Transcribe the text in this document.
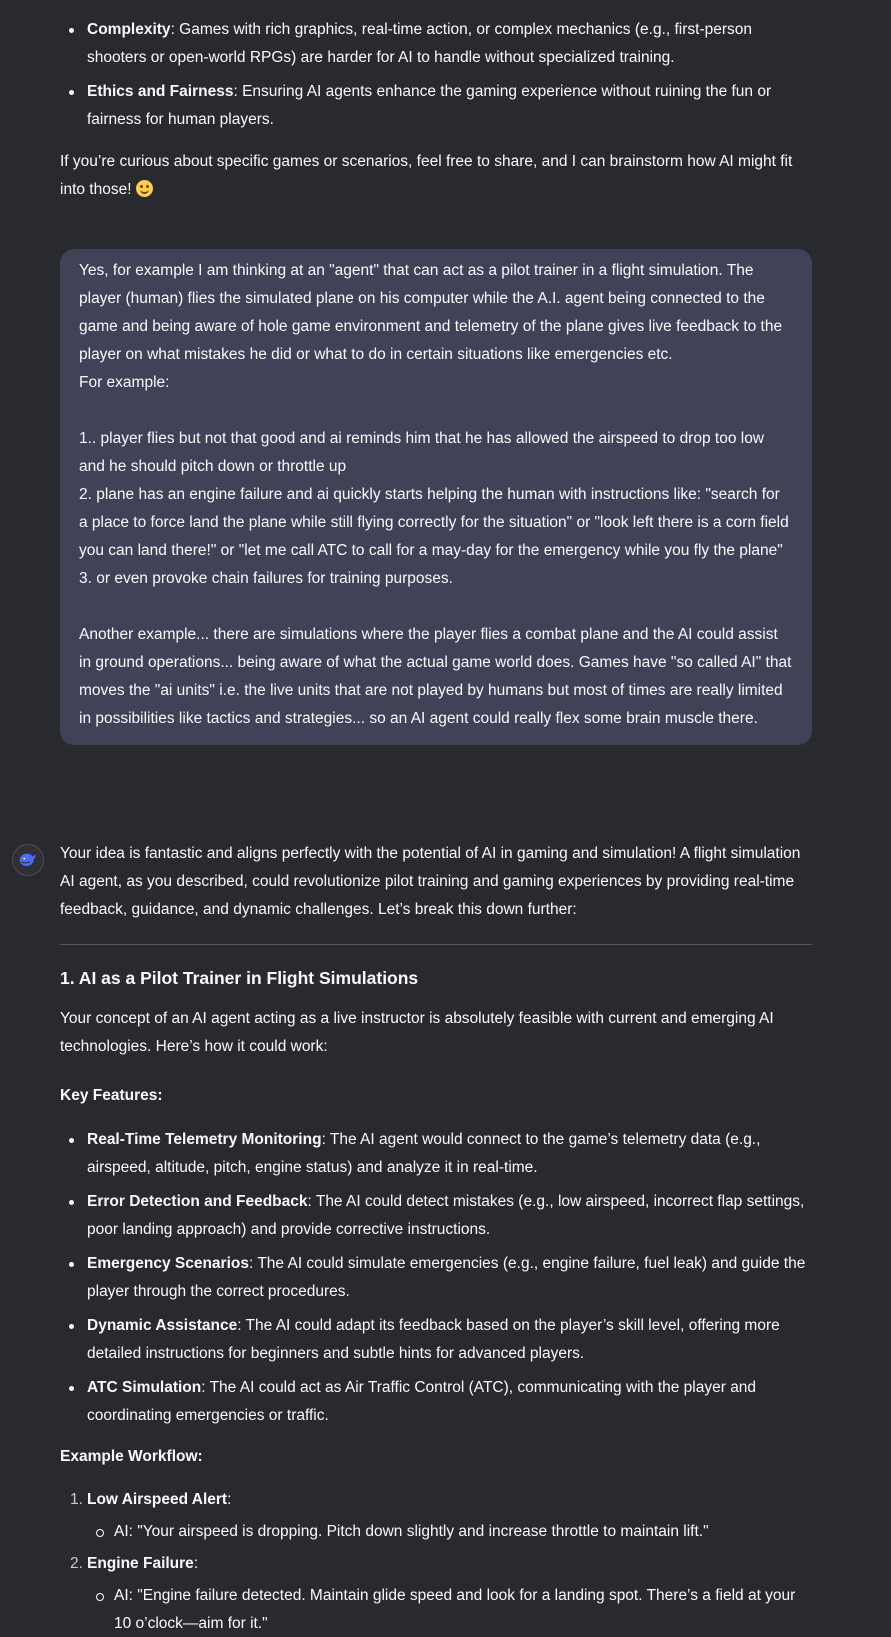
Complexity: Games with rich graphics, real-time action, or complex mechanics (e.g., first-person shooters or open-world RPGs) are harder for AI to handle without specialized training.
Ethics and Fairness: Ensuring AI agents enhance the gaming experience without ruining the fun or fairness for human players.

If you’re curious about specific games or scenarios, feel free to share, and I can brainstorm how AI might fit into those!

Yes, for example I am thinking at an "agent" that can act as a pilot trainer in a flight simulation. The player (human) flies the simulated plane on his computer while the A.I. agent being connected to the game and being aware of hole game environment and telemetry of the plane gives live feedback to the player on what mistakes he did or what to do in certain situations like emergencies etc.
For example:
1.. player flies but not that good and ai reminds him that he has allowed the airspeed to drop too low and he should pitch down or throttle up
2. plane has an engine failure and ai quickly starts helping the human with instructions like: "search for a place to force land the plane while still flying correctly for the situation" or "look left there is a corn field you can land there!" or "let me call ATC to call for a may-day for the emergency while you fly the plane"
3. or even provoke chain failures for training purposes.
Another example... there are simulations where the player flies a combat plane and the AI could assist in ground operations... being aware of what the actual game world does. Games have "so called AI" that moves the "ai units" i.e. the live units that are not played by humans but most of times are really limited in possibilities like tactics and strategies... so an AI agent could really flex some brain muscle there.

Your idea is fantastic and aligns perfectly with the potential of AI in gaming and simulation! A flight simulation AI agent, as you described, could revolutionize pilot training and gaming experiences by providing real-time feedback, guidance, and dynamic challenges. Let’s break this down further:

1. AI as a Pilot Trainer in Flight Simulations

Your concept of an AI agent acting as a live instructor is absolutely feasible with current and emerging AI technologies. Here’s how it could work:

Key Features:
Real-Time Telemetry Monitoring: The AI agent would connect to the game’s telemetry data (e.g., airspeed, altitude, pitch, engine status) and analyze it in real-time.
Error Detection and Feedback: The AI could detect mistakes (e.g., low airspeed, incorrect flap settings, poor landing approach) and provide corrective instructions.
Emergency Scenarios: The AI could simulate emergencies (e.g., engine failure, fuel leak) and guide the player through the correct procedures.
Dynamic Assistance: The AI could adapt its feedback based on the player’s skill level, offering more detailed instructions for beginners and subtle hints for advanced players.
ATC Simulation: The AI could act as Air Traffic Control (ATC), communicating with the player and coordinating emergencies or traffic.
Example Workflow:
1. Low Airspeed Alert:
AI: "Your airspeed is dropping. Pitch down slightly and increase throttle to maintain lift."
2. Engine Failure:
AI: "Engine failure detected. Maintain glide speed and look for a landing spot. There’s a field at your 10 o’clock—aim for it."
